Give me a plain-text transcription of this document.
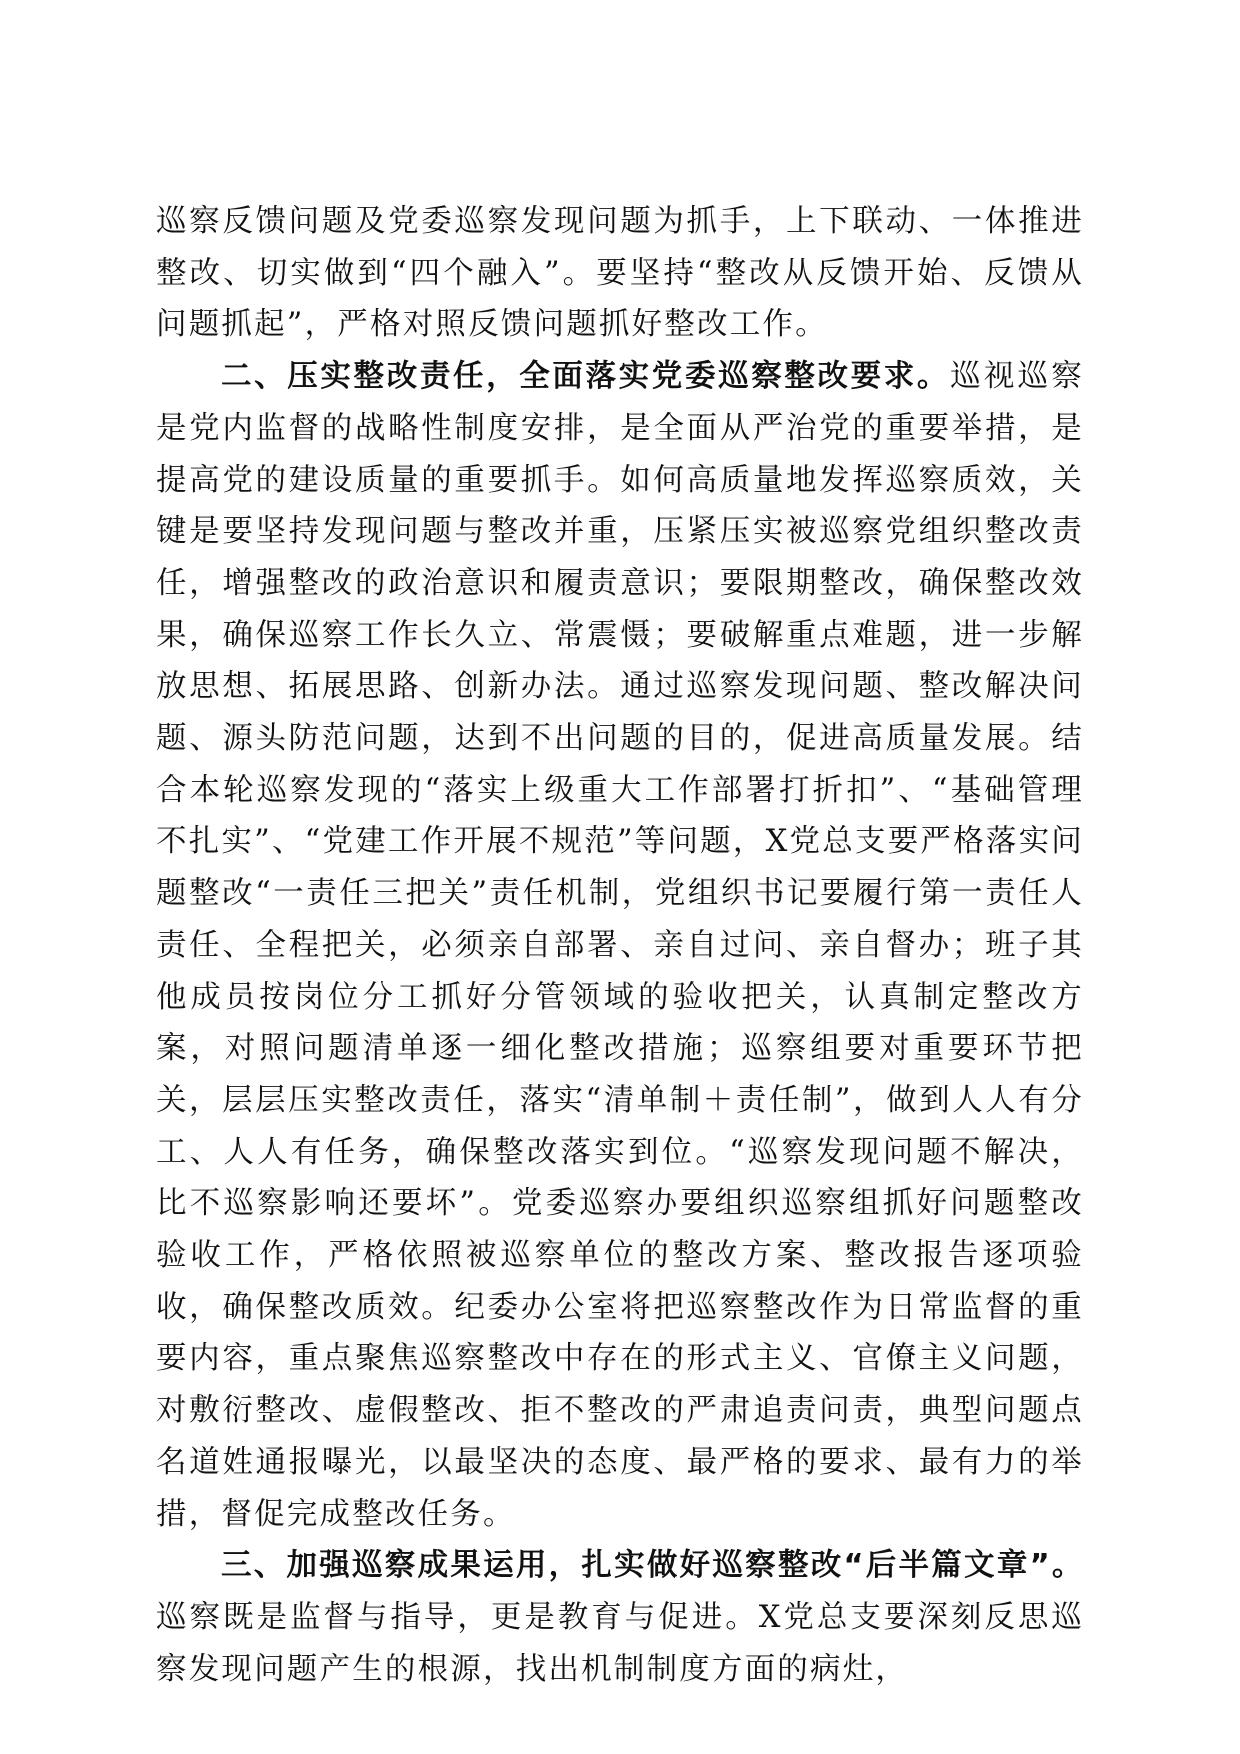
巡察反馈问题及党委巡察发现问题为抓手，上下联动、一体推进整改、切实做到“四个融入”。要坚持“整改从反馈开始、反馈从问题抓起”，严格对照反馈问题抓好整改工作。

二、压实整改责任，全面落实党委巡察整改要求。巡视巡察是党内监督的战略性制度安排，是全面从严治党的重要举措，是提高党的建设质量的重要抓手。如何高质量地发挥巡察质效，关键是要坚持发现问题与整改并重，压紧压实被巡察党组织整改责任，增强整改的政治意识和履责意识；要限期整改，确保整改效果，确保巡察工作长久立、常震慑；要破解重点难题，进一步解放思想、拓展思路、创新办法。通过巡察发现问题、整改解决问题、源头防范问题，达到不出问题的目的，促进高质量发展。结合本轮巡察发现的“落实上级重大工作部署打折扣”、“基础管理不扎实”、“党建工作开展不规范”等问题，X党总支要严格落实问题整改“一责任三把关”责任机制，党组织书记要履行第一责任人责任、全程把关，必须亲自部署、亲自过问、亲自督办；班子其他成员按岗位分工抓好分管领域的验收把关，认真制定整改方案，对照问题清单逐一细化整改措施；巡察组要对重要环节把关，层层压实整改责任，落实“清单制＋责任制”，做到人人有分工、人人有任务，确保整改落实到位。“巡察发现问题不解决，比不巡察影响还要坏”。党委巡察办要组织巡察组抓好问题整改验收工作，严格依照被巡察单位的整改方案、整改报告逐项验收，确保整改质效。纪委办公室将把巡察整改作为日常监督的重要内容，重点聚焦巡察整改中存在的形式主义、官僚主义问题，对敷衍整改、虚假整改、拒不整改的严肃追责问责，典型问题点名道姓通报曝光，以最坚决的态度、最严格的要求、最有力的举措，督促完成整改任务。

三、加强巡察成果运用，扎实做好巡察整改“后半篇文章”。巡察既是监督与指导，更是教育与促进。X党总支要深刻反思巡察发现问题产生的根源，找出机制制度方面的病灶，
